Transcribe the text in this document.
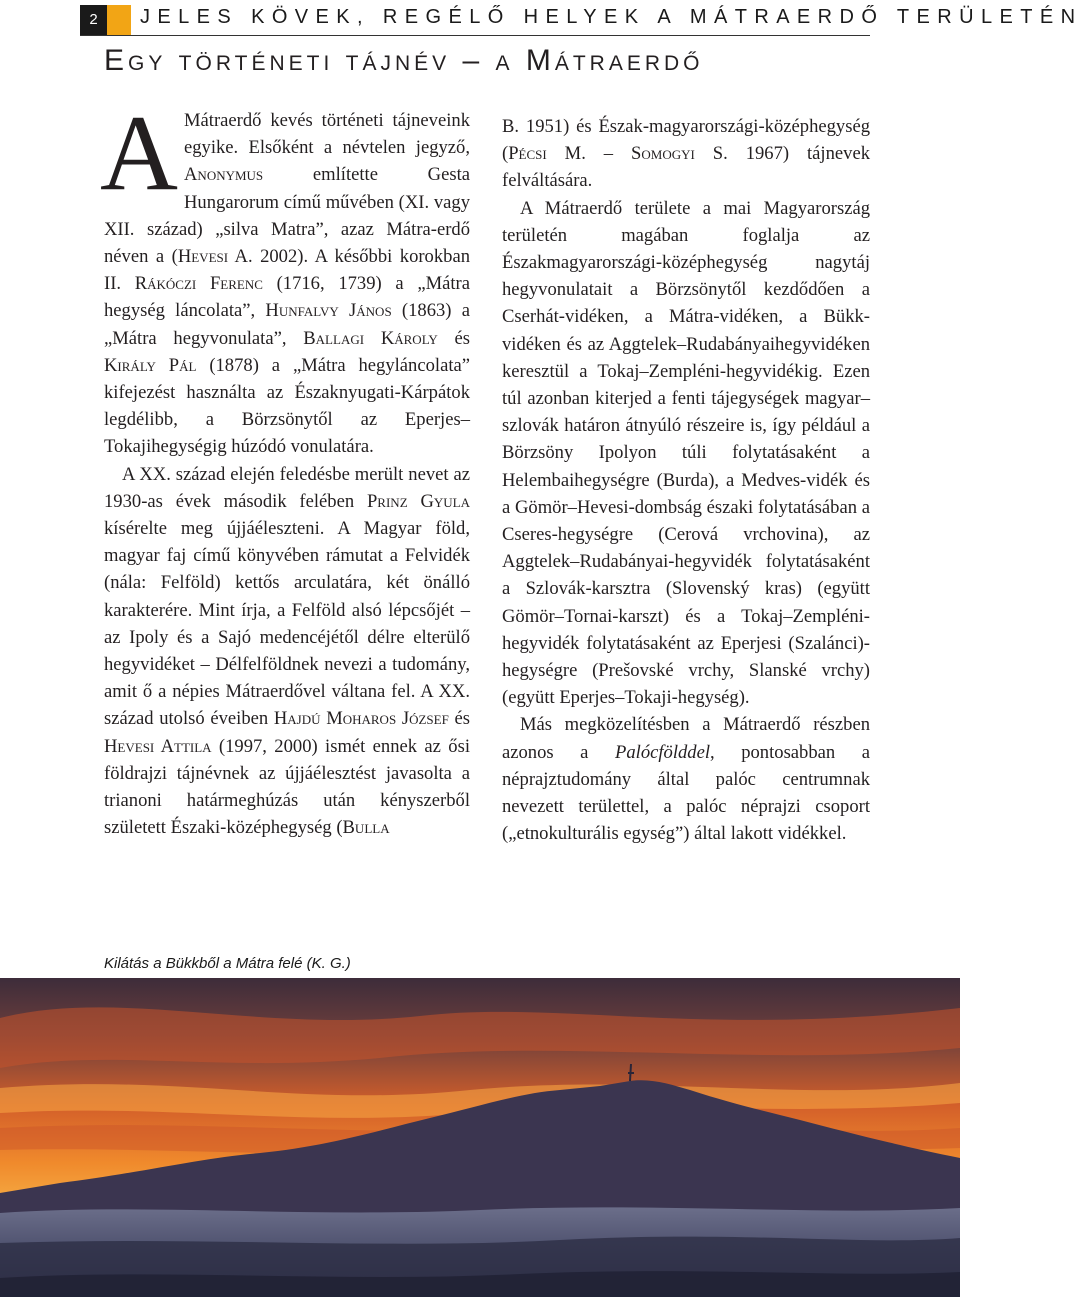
2	JELES KÖVEK, REGÉLŐ HELYEK A MÁTRAERDŐ TERÜLETÉN
Egy történeti tájnév – a Mátraerdő

A Mátraerdő kevés történeti tájneveink egyike. Elsőként a névtelen jegyző, Anonymus említette Gesta Hungarorum című művében (XI. vagy XII. század) „silva Matra”, azaz Mátra-erdő néven a (Hevesi A. 2002). A későbbi korokban II. Rákóczi Ferenc (1716, 1739) a „Mátra hegység láncolata”, Hunfalvy János (1863) a „Mátra hegyvonulata”, Ballagi Károly és Király Pál (1878) a „Mátra hegyláncolata” kifejezést használta az Északnyugati-Kárpátok legdélibb, a Börzsönytől az Eperjes–Tokajihegységig húzódó vonulatára.

A XX. század elején feledésbe merült nevet az 1930-as évek második felében Prinz Gyula kísérelte meg újjáéleszteni. A Magyar föld, magyar faj című könyvében rámutat a Felvidék (nála: Felföld) kettős arculatára, két önálló karakterére. Mint írja, a Felföld alsó lépcsőjét – az Ipoly és a Sajó medencéjétől délre elterülő hegyvidéket – Délfelföldnek nevezi a tudomány, amit ő a népies Mátraerdővel váltana fel. A XX. század utolsó éveiben Hajdú Moharos József és Hevesi Attila (1997, 2000) ismét ennek az ősi földrajzi tájnévnek az újjáélesztést javasolta a trianoni határmeghúzás után kényszerből született Északi-középhegység (Bulla

B. 1951) és Észak-magyarországi-középhegység (Pécsi M. – Somogyi S. 1967) tájnevek felváltására.

A Mátraerdő területe a mai Magyarország területén magában foglalja az Északmagyarországi-középhegység nagytáj hegyvonulatait a Börzsönytől kezdődően a Cserhát-vidéken, a Mátra-vidéken, a Bükk-vidéken és az Aggtelek–Rudabányaihegyvidéken keresztül a Tokaj–Zempléni-hegyvidékig. Ezen túl azonban kiterjed a fenti tájegységek magyar–szlovák határon átnyúló részeire is, így például a Börzsöny Ipolyon túli folytatásaként a Helembaihegységre (Burda), a Medves-vidék és a Gömör–Hevesi-dombság északi folytatásában a Cseres-hegységre (Cerová vrchovina), az Aggtelek–Rudabányai-hegyvidék folytatásaként a Szlovák-karsztra (Slovenský kras) (együtt Gömör–Tornai-karszt) és a Tokaj–Zempléni-hegyvidék folytatásaként az Eperjesi (Szalánci)-hegységre (Prešovské vrchy, Slanské vrchy) (együtt Eperjes–Tokaji-hegység).

Más megközelítésben a Mátraerdő részben azonos a Palócfölddel, pontosabban a néprajztudomány által palóc centrumnak nevezett területtel, a palóc néprajzi csoport („etnokulturális egység”) által lakott vidékkel.

Kilátás a Bükkből a Mátra felé (K. G.)
